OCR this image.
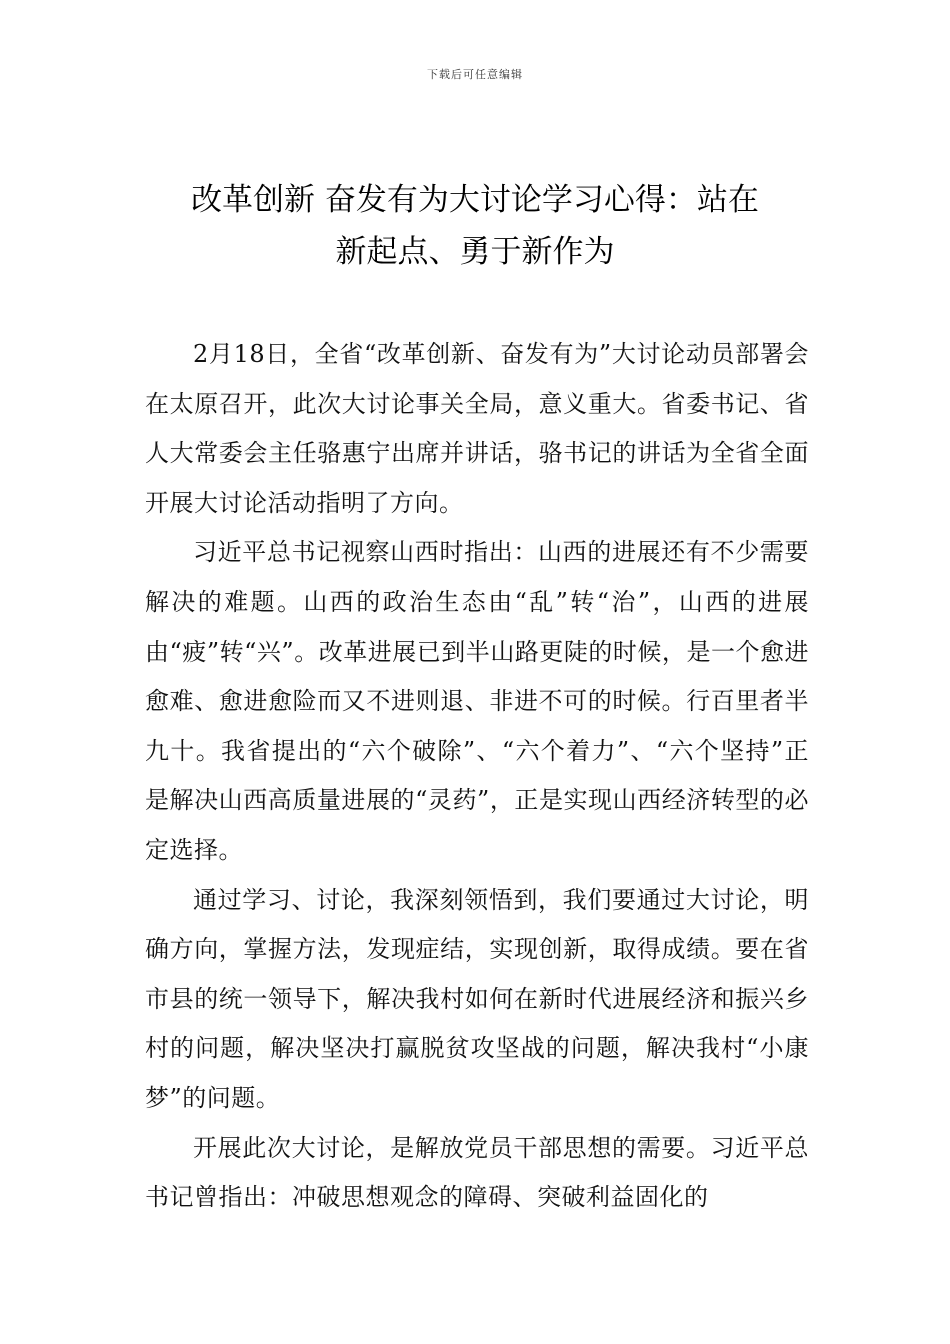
下载后可任意编辑
改革创新 奋发有为大讨论学习心得：站在
新起点、勇于新作为

2月18日，全省“改革创新、奋发有为”大讨论动员部署会在太原召开，此次大讨论事关全局，意义重大。省委书记、省人大常委会主任骆惠宁出席并讲话，骆书记的讲话为全省全面开展大讨论活动指明了方向。

习近平总书记视察山西时指出：山西的进展还有不少需要解决的难题。山西的政治生态由“乱”转“治”，山西的进展由“疲”转“兴”。改革进展已到半山路更陡的时候，是一个愈进愈难、愈进愈险而又不进则退、非进不可的时候。行百里者半九十。我省提出的“六个破除”、“六个着力”、“六个坚持”正是解决山西高质量进展的“灵药”，正是实现山西经济转型的必定选择。

通过学习、讨论，我深刻领悟到，我们要通过大讨论，明确方向，掌握方法，发现症结，实现创新，取得成绩。要在省市县的统一领导下，解决我村如何在新时代进展经济和振兴乡村的问题，解决坚决打赢脱贫攻坚战的问题，解决我村“小康梦”的问题。

开展此次大讨论，是解放党员干部思想的需要。习近平总书记曾指出：冲破思想观念的障碍、突破利益固化的
